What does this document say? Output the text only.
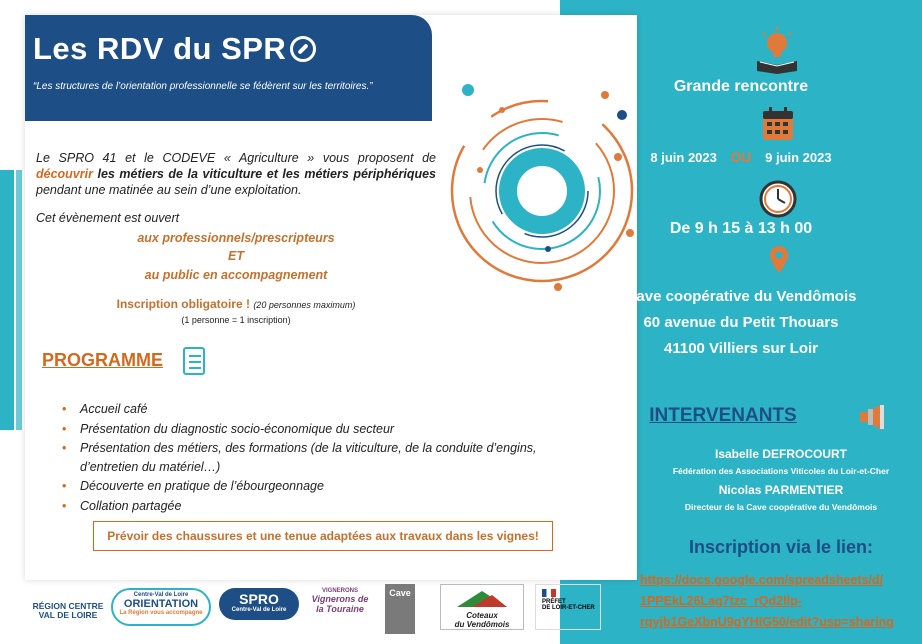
Les RDV du SPR
“Les structures de l’orientation professionnelle se fédèrent sur les territoires.”
Le SPRO 41 et le CODEVE « Agriculture » vous proposent de découvrir les métiers de la viticulture et les métiers périphériques pendant une matinée au sein d’une exploitation.
Cet évènement est ouvert
aux professionnels/prescripteurs
ET
au public en accompagnement
Inscription obligatoire ! (20 personnes maximum)
(1 personne = 1 inscription)
PROGRAMME
• Accueil café
• Présentation du diagnostic socio-économique du secteur
• Présentation des métiers, des formations (de la viticulture, de la conduite d’engins,
d’entretien du matériel…)
• Découverte en pratique de l’ébourgeonnage
• Collation partagée
Prévoir des chaussures et une tenue adaptées aux travaux dans les vignes!
RÉGION CENTRE VAL DE LOIRE
Centre-Val de Loire
ORIENTATION
La Région vous accompagne
SPRO
Centre-Val de Loire
VIGNERONS
Vignerons de la Touraine
Cave
Coteaux
du Vendômois
PRÉFET
DE LOIR-ET-CHER
Grande rencontre
8 juin 2023 OU 9 juin 2023
De 9 h 15 à 13 h 00
Cave coopérative du Vendômois
60 avenue du Petit Thouars
41100 Villiers sur Loir
INTERVENANTS
Isabelle DEFROCOURT
Fédération des Associations Viticoles du Loir-et-Cher
Nicolas PARMENTIER
Directeur de la Cave coopérative du Vendômois
Inscription via le lien:
https://docs.google.com/spreadsheets/d/
1PPEkL26Lag7tzc_rQd2llp-
rqyjb1GeXbnU9gYHIG50/edit?usp=sharing
